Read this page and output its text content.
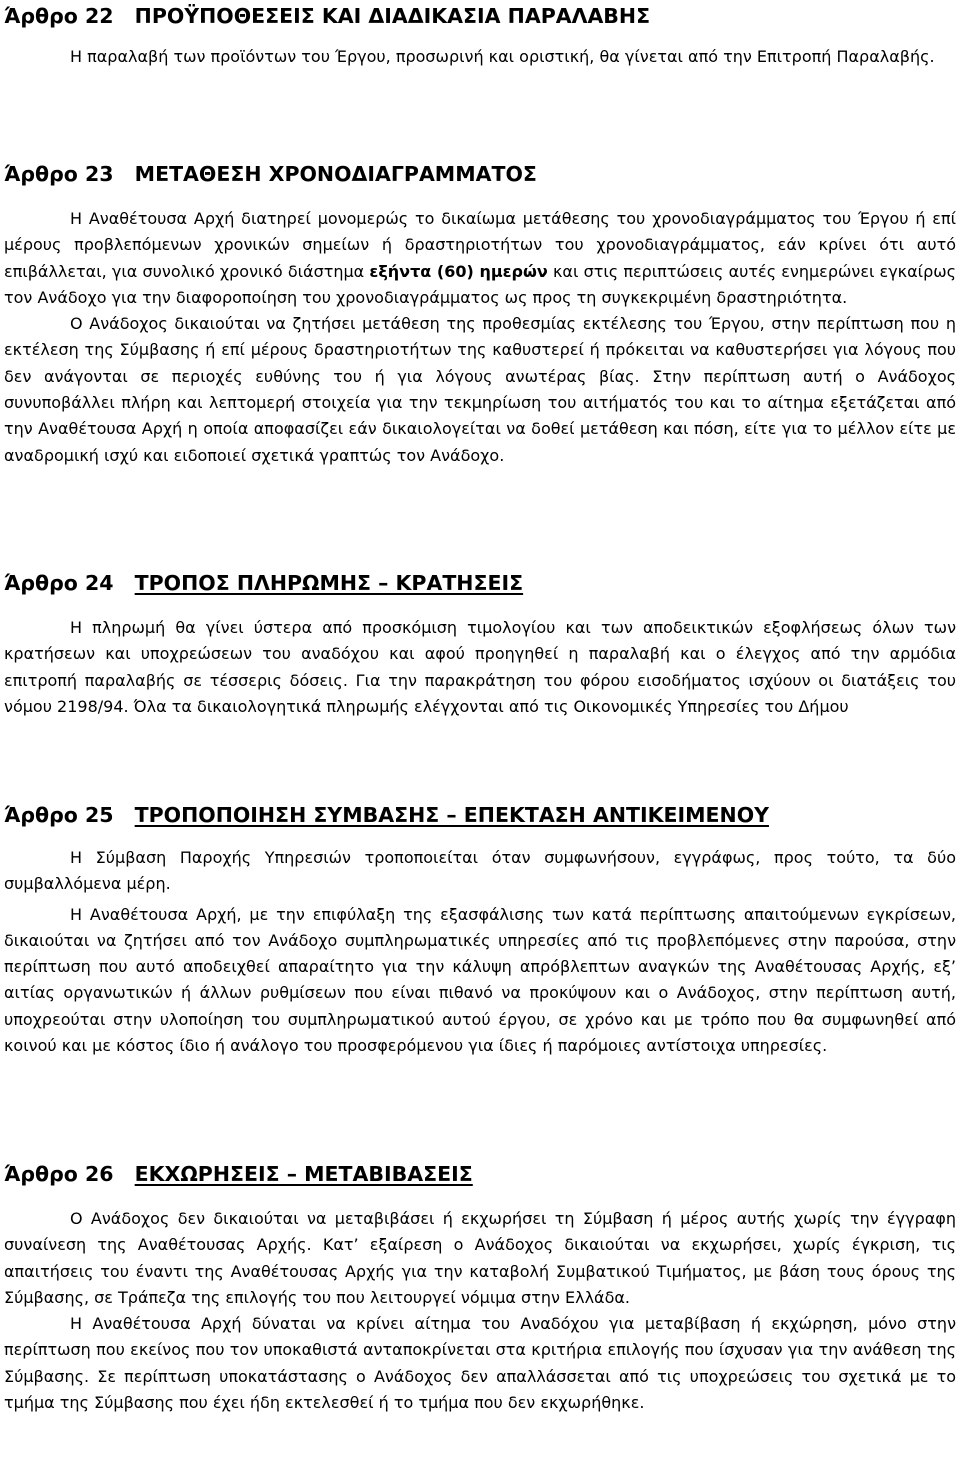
Άρθρο 22 ΠΡΟΫΠΟΘΕΣΕΙΣ ΚΑΙ ΔΙΑΔΙΚΑΣΙΑ ΠΑΡΑΛΑΒΗΣ

Η παραλαβή των προϊόντων του Έργου, προσωρινή και οριστική, θα γίνεται από την Επιτροπή Παραλαβής.

Άρθρο 23 ΜΕΤΑΘΕΣΗ ΧΡΟΝΟΔΙΑΓΡΑΜΜΑΤΟΣ

Η Αναθέτουσα Αρχή διατηρεί μονομερώς το δικαίωμα μετάθεσης του χρονοδιαγράμματος του Έργου ή επί μέρους προβλεπόμενων χρονικών σημείων ή δραστηριοτήτων του χρονοδιαγράμματος, εάν κρίνει ότι αυτό επιβάλλεται, για συνολικό χρονικό διάστημα εξήντα (60) ημερών και στις περιπτώσεις αυτές ενημερώνει εγκαίρως τον Ανάδοχο για την διαφοροποίηση του χρονοδιαγράμματος ως προς τη συγκεκριμένη δραστηριότητα.

Ο Ανάδοχος δικαιούται να ζητήσει μετάθεση της προθεσμίας εκτέλεσης του Έργου, στην περίπτωση που η εκτέλεση της Σύμβασης ή επί μέρους δραστηριοτήτων της καθυστερεί ή πρόκειται να καθυστερήσει για λόγους που δεν ανάγονται σε περιοχές ευθύνης του ή για λόγους ανωτέρας βίας. Στην περίπτωση αυτή ο Ανάδοχος συνυποβάλλει πλήρη και λεπτομερή στοιχεία για την τεκμηρίωση του αιτήματός του και το αίτημα εξετάζεται από την Αναθέτουσα Αρχή η οποία αποφασίζει εάν δικαιολογείται να δοθεί μετάθεση και πόση, είτε για το μέλλον είτε με αναδρομική ισχύ και ειδοποιεί σχετικά γραπτώς τον Ανάδοχο.

Άρθρο 24 ΤΡΟΠΟΣ ΠΛΗΡΩΜΗΣ – ΚΡΑΤΗΣΕΙΣ

Η πληρωμή θα γίνει ύστερα από προσκόμιση τιμολογίου και των αποδεικτικών εξοφλήσεως όλων των κρατήσεων και υποχρεώσεων του αναδόχου και αφού προηγηθεί η παραλαβή και ο έλεγχος από την αρμόδια επιτροπή παραλαβής σε τέσσερις δόσεις. Για την παρακράτηση του φόρου εισοδήματος ισχύουν οι διατάξεις του νόμου 2198/94. Όλα τα δικαιολογητικά πληρωμής ελέγχονται από τις Οικονομικές Υπηρεσίες του Δήμου

Άρθρο 25 ΤΡΟΠΟΠΟΙΗΣΗ ΣΥΜΒΑΣΗΣ – ΕΠΕΚΤΑΣΗ ΑΝΤΙΚΕΙΜΕΝΟΥ

Η Σύμβαση Παροχής Υπηρεσιών τροποποιείται όταν συμφωνήσουν, εγγράφως, προς τούτο, τα δύο συμβαλλόμενα μέρη.

Η Αναθέτουσα Αρχή, με την επιφύλαξη της εξασφάλισης των κατά περίπτωσης απαιτούμενων εγκρίσεων, δικαιούται να ζητήσει από τον Ανάδοχο συμπληρωματικές υπηρεσίες από τις προβλεπόμενες στην παρούσα, στην περίπτωση που αυτό αποδειχθεί απαραίτητο για την κάλυψη απρόβλεπτων αναγκών της Αναθέτουσας Αρχής, εξ’ αιτίας οργανωτικών ή άλλων ρυθμίσεων που είναι πιθανό να προκύψουν και ο Ανάδοχος, στην περίπτωση αυτή, υποχρεούται στην υλοποίηση του συμπληρωματικού αυτού έργου, σε χρόνο και με τρόπο που θα συμφωνηθεί από κοινού και με κόστος ίδιο ή ανάλογο του προσφερόμενου για ίδιες ή παρόμοιες αντίστοιχα υπηρεσίες.

Άρθρο 26 ΕΚΧΩΡΗΣΕΙΣ – ΜΕΤΑΒΙΒΑΣΕΙΣ

Ο Ανάδοχος δεν δικαιούται να μεταβιβάσει ή εκχωρήσει τη Σύμβαση ή μέρος αυτής χωρίς την έγγραφη συναίνεση της Αναθέτουσας Αρχής. Κατ’ εξαίρεση ο Ανάδοχος δικαιούται να εκχωρήσει, χωρίς έγκριση, τις απαιτήσεις του έναντι της Αναθέτουσας Αρχής για την καταβολή Συμβατικού Τιμήματος, με βάση τους όρους της Σύμβασης, σε Τράπεζα της επιλογής του που λειτουργεί νόμιμα στην Ελλάδα.

Η Αναθέτουσα Αρχή δύναται να κρίνει αίτημα του Αναδόχου για μεταβίβαση ή εκχώρηση, μόνο στην περίπτωση που εκείνος που τον υποκαθιστά ανταποκρίνεται στα κριτήρια επιλογής που ίσχυσαν για την ανάθεση της Σύμβασης. Σε περίπτωση υποκατάστασης ο Ανάδοχος δεν απαλλάσσεται από τις υποχρεώσεις του σχετικά με το τμήμα της Σύμβασης που έχει ήδη εκτελεσθεί ή το τμήμα που δεν εκχωρήθηκε.
